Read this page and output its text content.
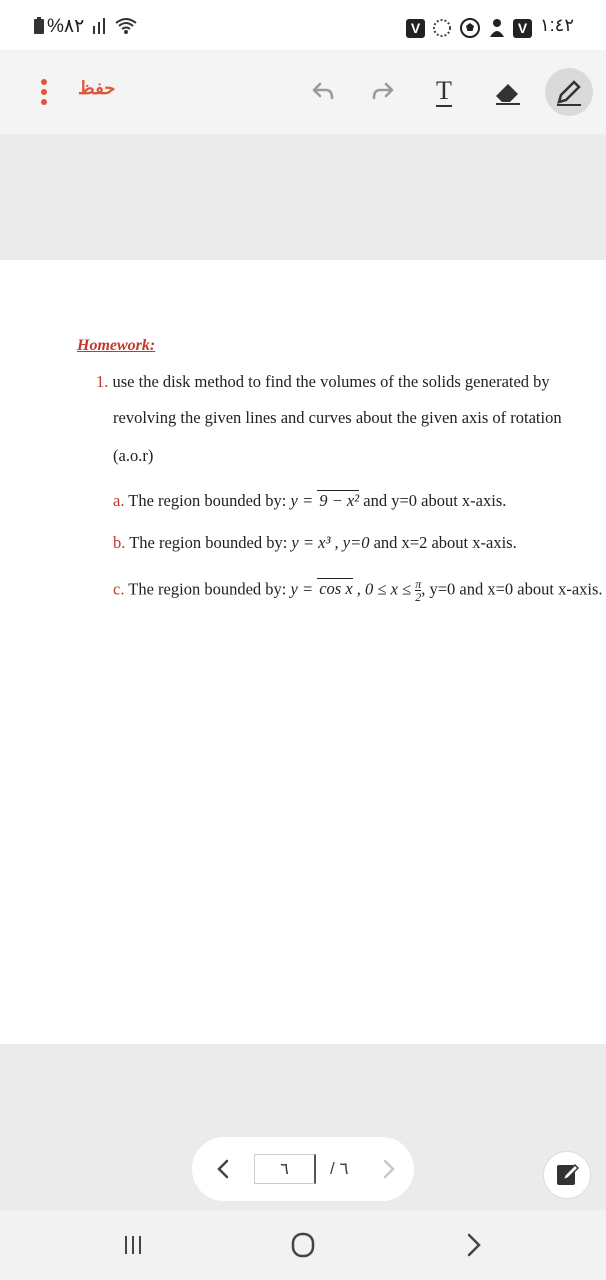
%٨٢	V	V ١:٤٢
حفظ	T
Homework:
1. use the disk method to find the volumes of the solids generated by
revolving the given lines and curves about the given axis of rotation
(a.o.r)
a. The region bounded by: y = 9 − x² and y=0 about x-axis.
b. The region bounded by: y = x³ , y=0 and x=2 about x-axis.
c. The region bounded by: y = cos x , $0 \le x \le \frac{\pi}{2}$ , y=0 and x=0 about x-axis.
٦	/ ٦
